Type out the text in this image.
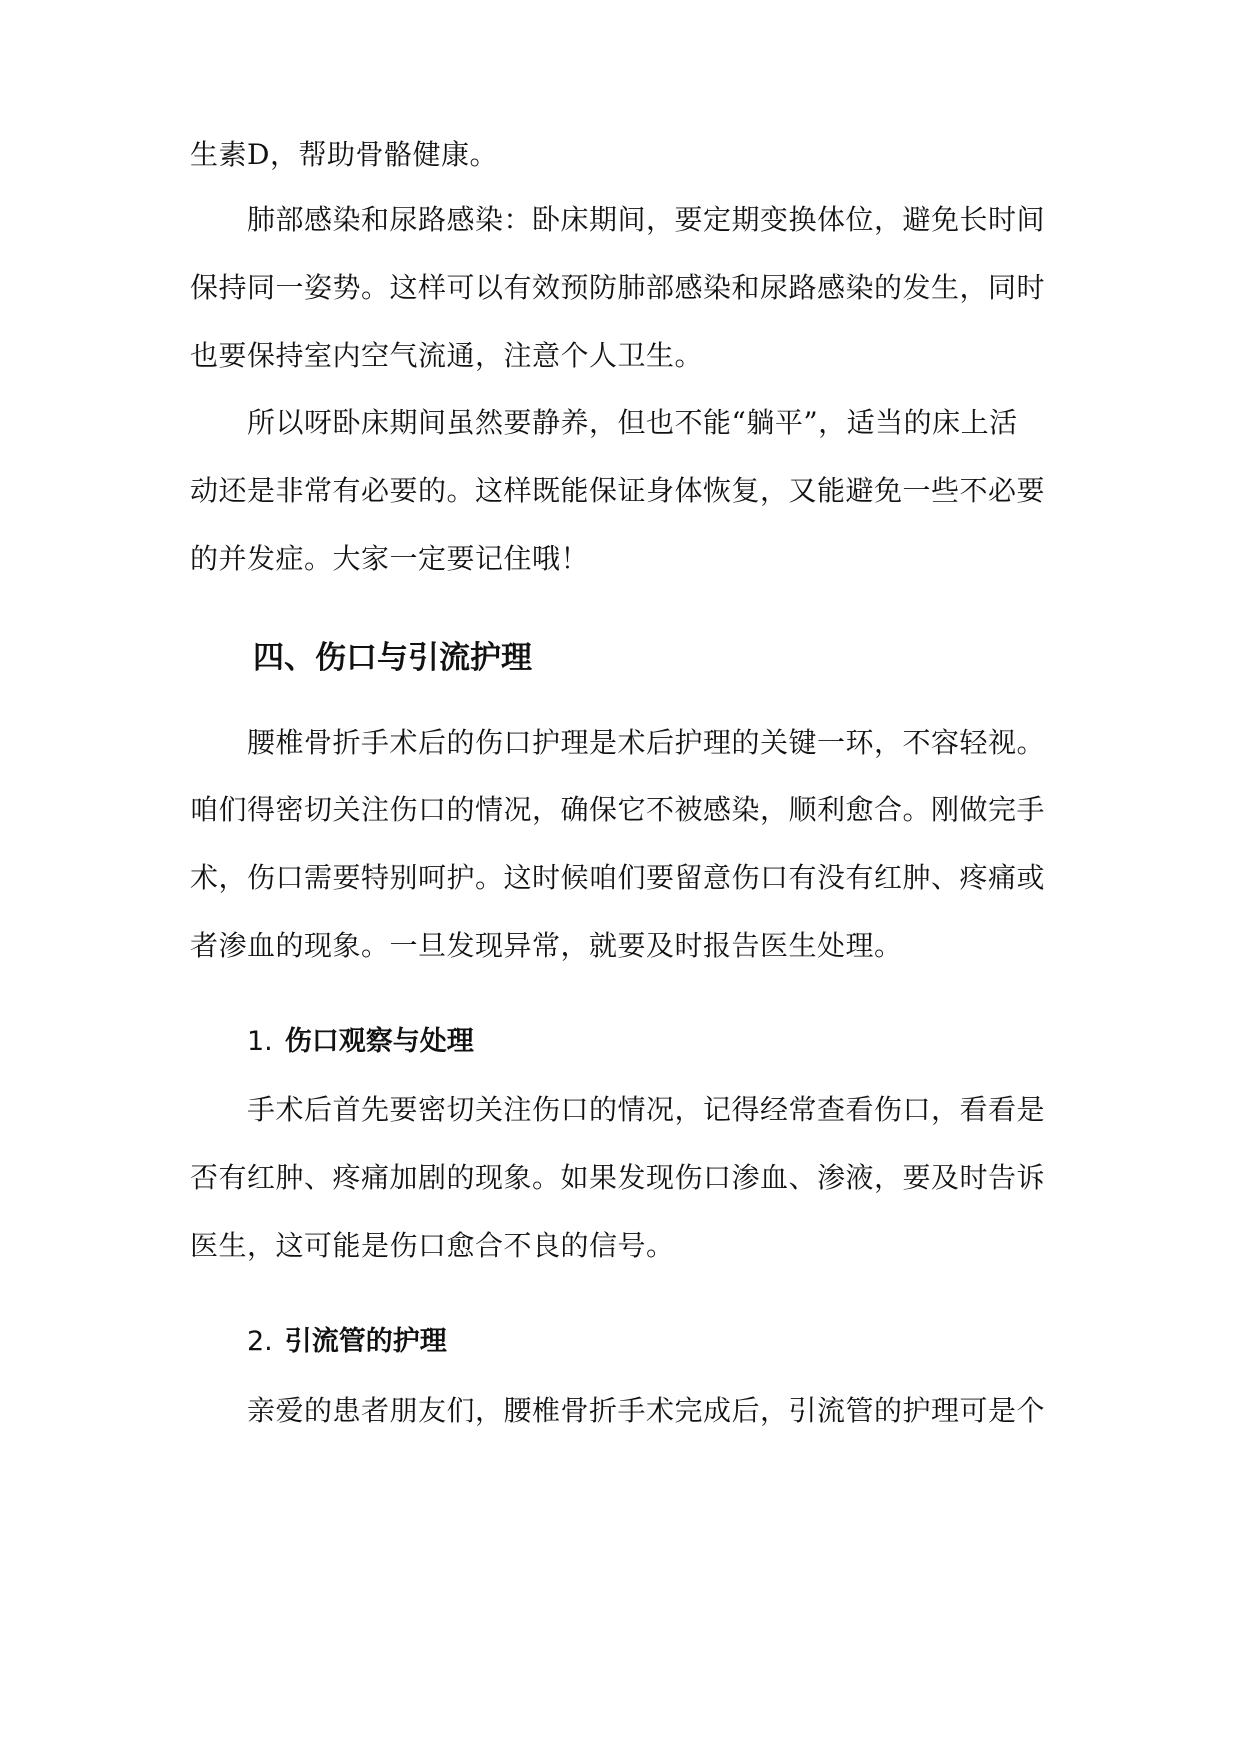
生素D，帮助骨骼健康。
肺部感染和尿路感染：卧床期间，要定期变换体位，避免长时间
保持同一姿势。这样可以有效预防肺部感染和尿路感染的发生，同时
也要保持室内空气流通，注意个人卫生。
所以呀卧床期间虽然要静养，但也不能“躺平”，适当的床上活
动还是非常有必要的。这样既能保证身体恢复，又能避免一些不必要
的并发症。大家一定要记住哦！
四、伤口与引流护理
腰椎骨折手术后的伤口护理是术后护理的关键一环，不容轻视。
咱们得密切关注伤口的情况，确保它不被感染，顺利愈合。刚做完手
术，伤口需要特别呵护。这时候咱们要留意伤口有没有红肿、疼痛或
者渗血的现象。一旦发现异常，就要及时报告医生处理。
1. 伤口观察与处理
手术后首先要密切关注伤口的情况，记得经常查看伤口，看看是
否有红肿、疼痛加剧的现象。如果发现伤口渗血、渗液，要及时告诉
医生，这可能是伤口愈合不良的信号。
2. 引流管的护理
亲爱的患者朋友们，腰椎骨折手术完成后，引流管的护理可是个
